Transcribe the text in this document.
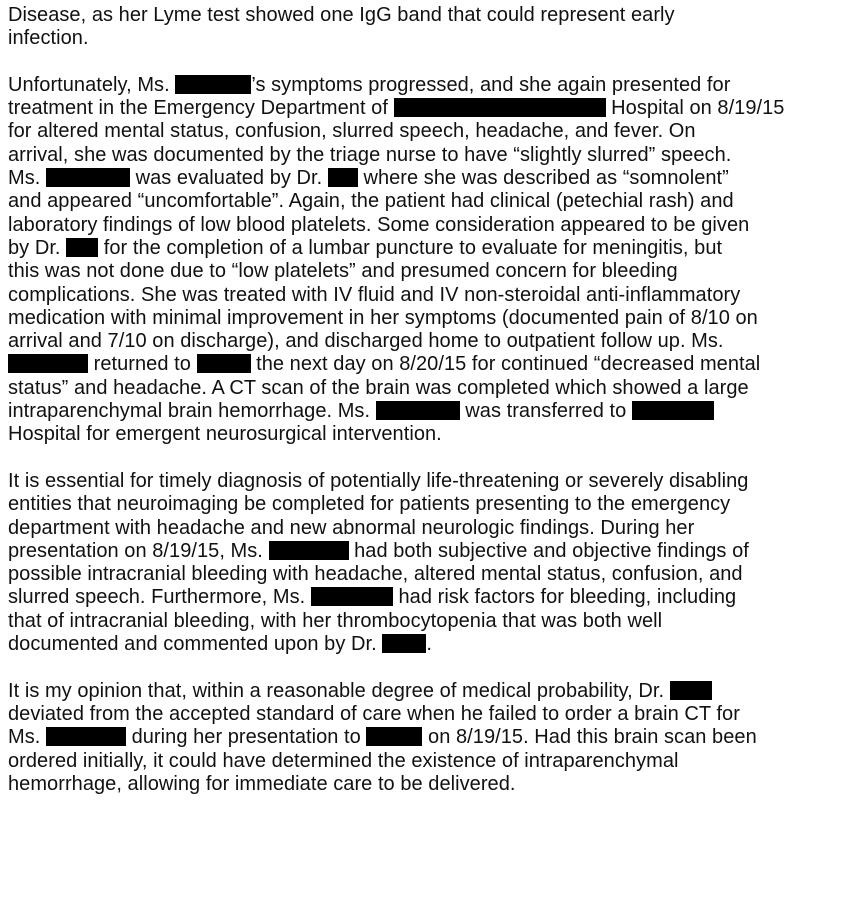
Disease, as her Lyme test showed one IgG band that could represent early
infection.
Unfortunately, Ms.	’s symptoms progressed, and she again presented for
treatment in the Emergency Department of	Hospital on 8/19/15
for altered mental status, confusion, slurred speech, headache, and fever. On
arrival, she was documented by the triage nurse to have “slightly slurred” speech.
Ms.	was evaluated by Dr.  where she was described as “somnolent”
and appeared “uncomfortable”. Again, the patient had clinical (petechial rash) and
laboratory findings of low blood platelets. Some consideration appeared to be given
by Dr.  for the completion of a lumbar puncture to evaluate for meningitis, but
this was not done due to “low platelets” and presumed concern for bleeding
complications. She was treated with IV fluid and IV non-steroidal anti-inflammatory
medication with minimal improvement in her symptoms (documented pain of 8/10 on
arrival and 7/10 on discharge), and discharged home to outpatient follow up. Ms.
returned to	the next day on 8/20/15 for continued “decreased mental
status” and headache. A CT scan of the brain was completed which showed a large
intraparenchymal brain hemorrhage. Ms.	was transferred to
Hospital for emergent neurosurgical intervention.
It is essential for timely diagnosis of potentially life-threatening or severely disabling
entities that neuroimaging be completed for patients presenting to the emergency
department with headache and new abnormal neurologic findings. During her
presentation on 8/19/15, Ms.	had both subjective and objective findings of
possible intracranial bleeding with headache, altered mental status, confusion, and
slurred speech. Furthermore, Ms.	had risk factors for bleeding, including
that of intracranial bleeding, with her thrombocytopenia that was both well
documented and commented upon by Dr. .
It is my opinion that, within a reasonable degree of medical probability, Dr.
deviated from the accepted standard of care when he failed to order a brain CT for
Ms.	during her presentation to	on 8/19/15. Had this brain scan been
ordered initially, it could have determined the existence of intraparenchymal
hemorrhage, allowing for immediate care to be delivered.
